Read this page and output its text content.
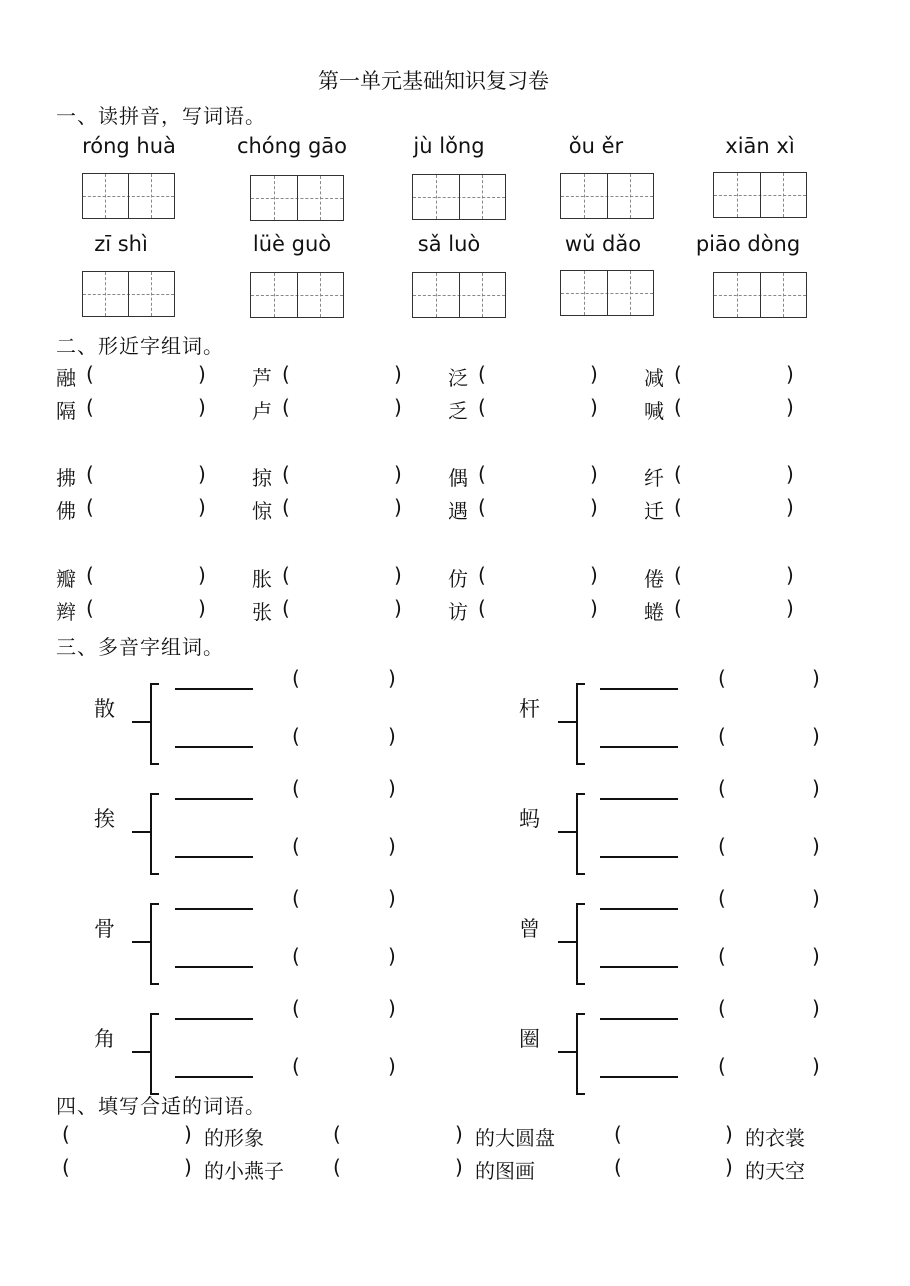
第一单元基础知识复习卷
一、读拼音，写词语。
róng huà	chóng gāo	jù lǒng	ǒu ěr	xiān xì
zī shì	lüè guò	sǎ luò	wǔ dǎo	piāo dòng
二、形近字组词。
融 (	) 芦 (	) 泛 (	) 减 (	)
隔 (	) 卢 (	) 乏 (	) 喊 (	)
拂 (	) 掠 (	) 偶 (	) 纤 (	)
佛 (	) 惊 (	) 遇 (	) 迁 (	)
瓣 (	) 胀 (	) 仿 (	) 倦 (	)
辫 (	) 张 (	) 访 (	) 蜷 (	)
三、多音字组词。
散
(	)
(	)
挨
(	)
(	)
骨
(	)
(	)
角
(	)
(	)
杆
(	)
(	)
蚂
(	)
(	)
曾
(	)
(	)
圈
(	)
(	)
四、填写合适的词语。
(	) 的形象	(	) 的大圆盘	(	) 的衣裳
(	) 的小燕子 (	) 的图画	(	) 的天空
